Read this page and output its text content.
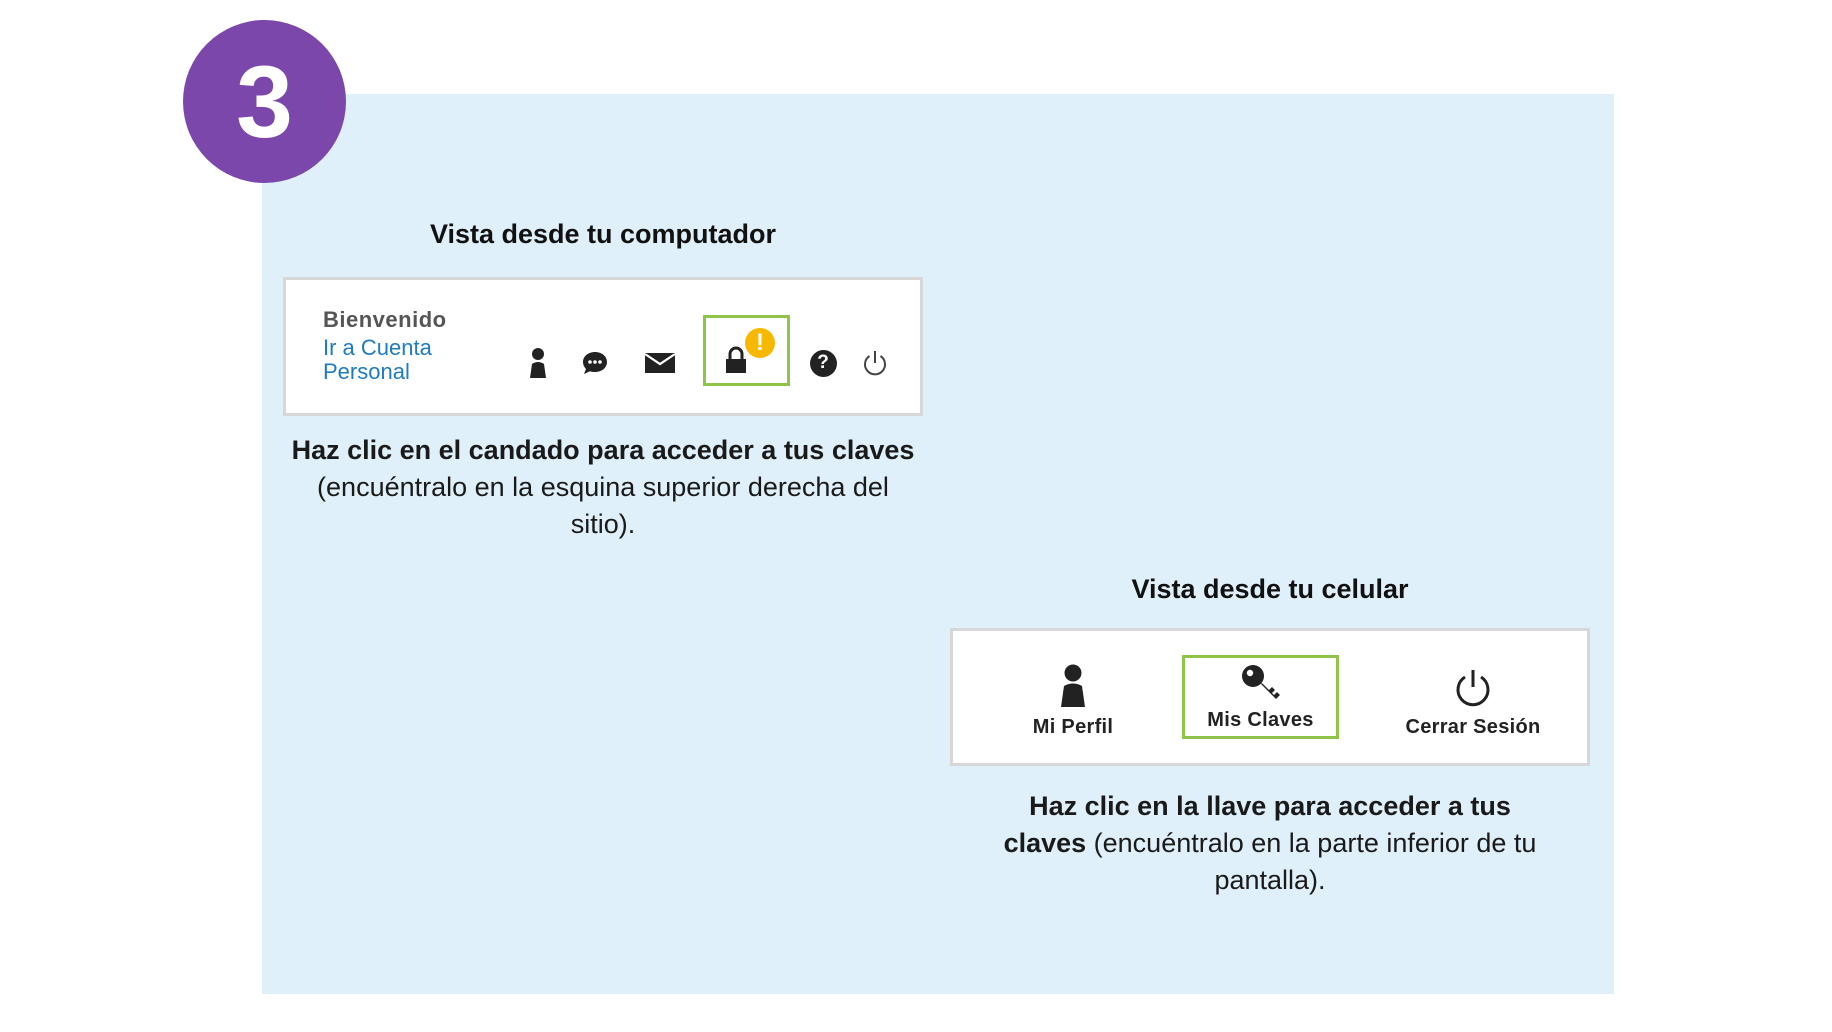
3
Vista desde tu computador
Bienvenido
Ir a Cuenta Personal
!
?
Haz clic en el candado para acceder a tus claves (encuéntralo en la esquina superior derecha del sitio).
Vista desde tu celular
Mi Perfil	Mis Claves	Cerrar Sesión
Haz clic en la llave para acceder a tus claves (encuéntralo en la parte inferior de tu pantalla).
